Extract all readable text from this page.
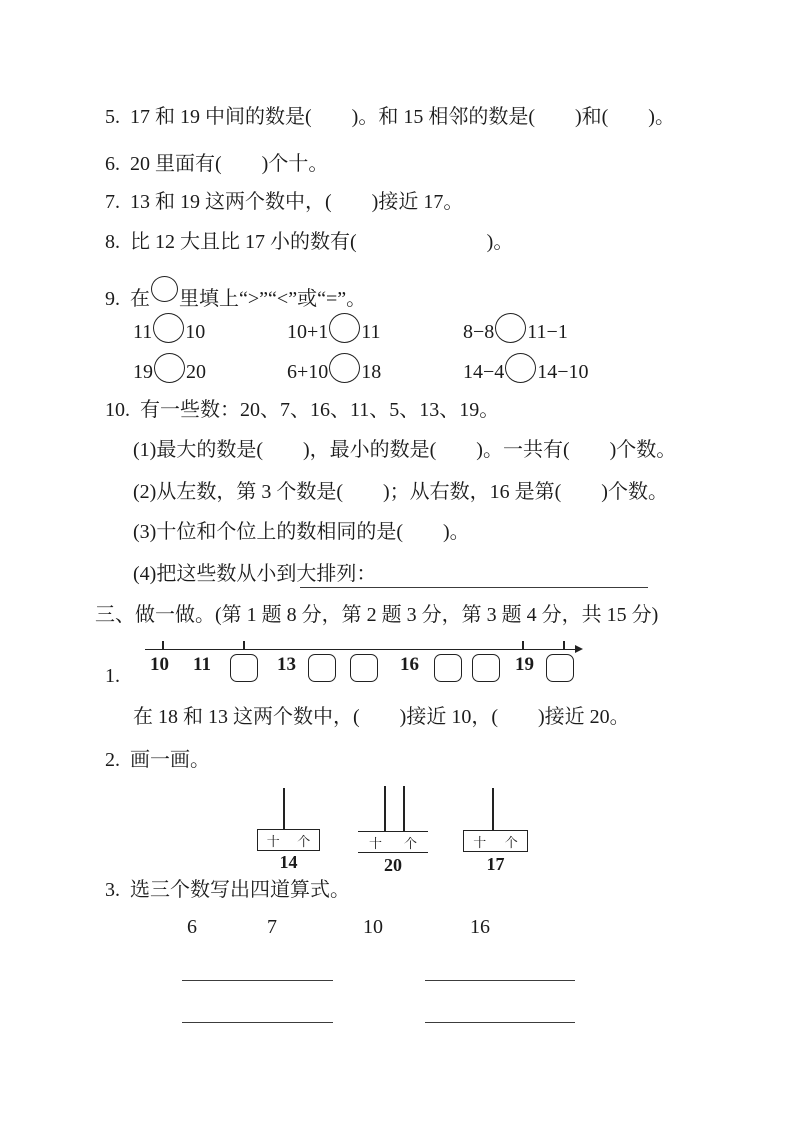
5. 17 和 19 中间的数是(        )。和 15 相邻的数是(        )和(        )。
6. 20 里面有(        )个十。
7. 13 和 19 这两个数中，(        )接近 17。
8. 比 12 大且比 17 小的数有(                          )。
9. 在 里填上“>”“<”或“=”。
11 10	10+1 11	8−8 11−1
19 20	6+10 18	14−4 14−10
10. 有一些数：20、7、16、11、5、13、19。
(1)最大的数是(        )，最小的数是(        )。一共有(        )个数。
(2)从左数，第 3 个数是(        )；从右数，16 是第(        )个数。
(3)十位和个位上的数相同的是(        )。
(4)把这些数从小到大排列：
三、做一做。(第 1 题 8 分，第 2 题 3 分，第 3 题 4 分，共 15 分)
1.
10	11	13	16	19
在 18 和 13 这两个数中，(        )接近 10，(        )接近 20。
2. 画一画。
十 个
14
十 个
20
十 个
17
3. 选三个数写出四道算式。
6	7	10	16
